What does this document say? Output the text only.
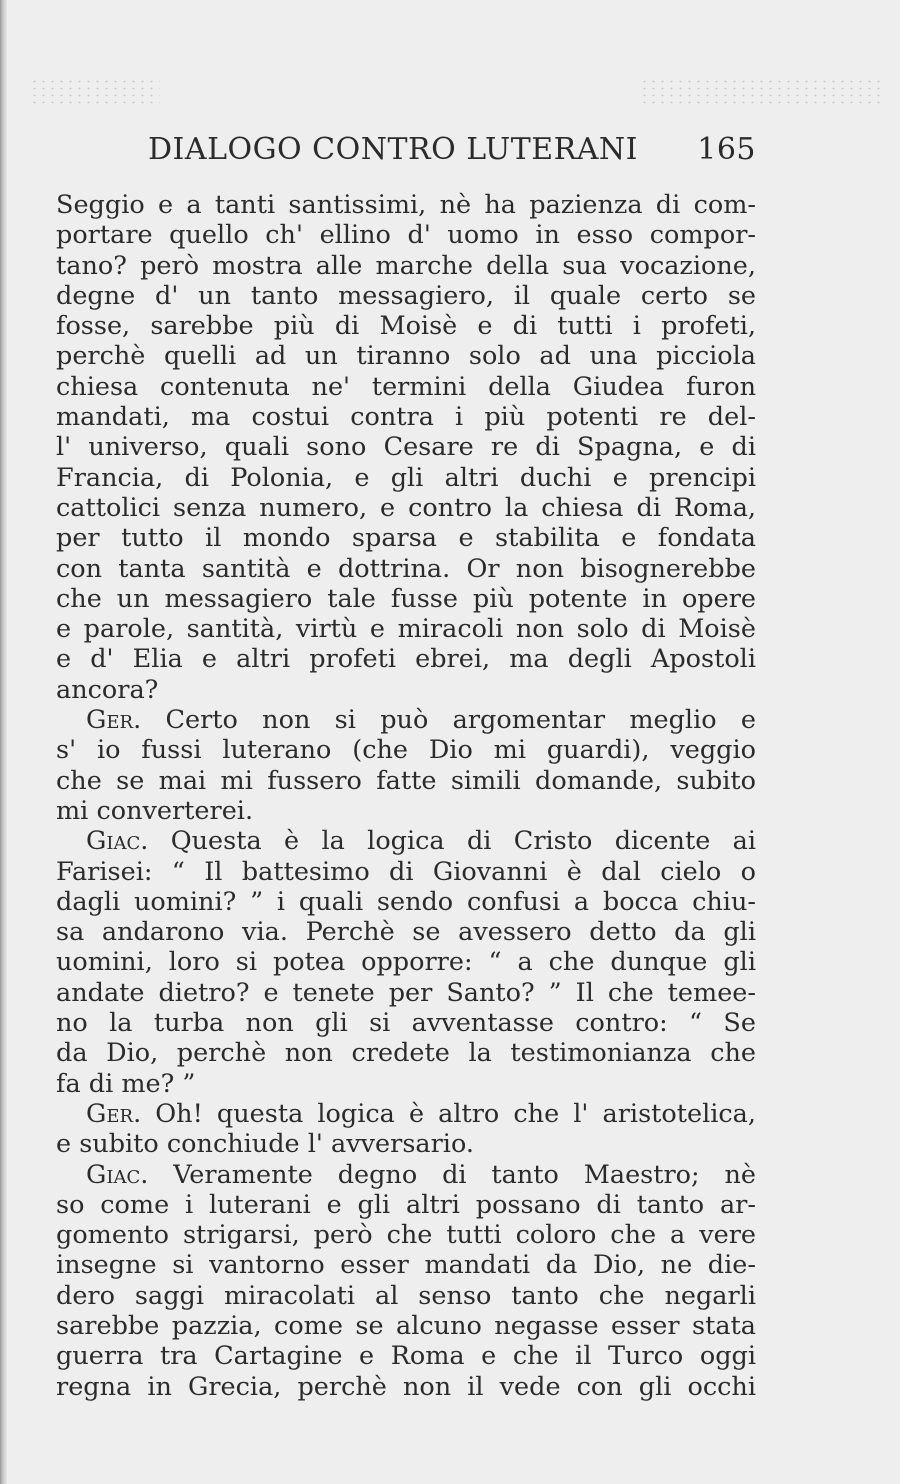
DIALOGO CONTRO LUTERANI 165
Seggio e a tanti santissimi, nè ha pazienza di com-
portare quello ch' ellino d' uomo in esso compor-
tano? però mostra alle marche della sua vocazione,
degne d' un tanto messagiero, il quale certo se
fosse, sarebbe più di Moisè e di tutti i profeti,
perchè quelli ad un tiranno solo ad una picciola
chiesa contenuta ne' termini della Giudea furon
mandati, ma costui contra i più potenti re del-
l' universo, quali sono Cesare re di Spagna, e di
Francia, di Polonia, e gli altri duchi e prencipi
cattolici senza numero, e contro la chiesa di Roma,
per tutto il mondo sparsa e stabilita e fondata
con tanta santità e dottrina. Or non bisognerebbe
che un messagiero tale fusse più potente in opere
e parole, santità, virtù e miracoli non solo di Moisè
e d' Elia e altri profeti ebrei, ma degli Apostoli
ancora?
Ger. Certo non si può argomentar meglio e
s' io fussi luterano (che Dio mi guardi), veggio
che se mai mi fussero fatte simili domande, subito
mi converterei.
Giac. Questa è la logica di Cristo dicente ai
Farisei: “ Il battesimo di Giovanni è dal cielo o
dagli uomini? ” i quali sendo confusi a bocca chiu-
sa andarono via. Perchè se avessero detto da gli
uomini, loro si potea opporre: “ a che dunque gli
andate dietro? e tenete per Santo? ” Il che temee-
no la turba non gli si avventasse contro: “ Se
da Dio, perchè non credete la testimonianza che
fa di me? ”
Ger. Oh! questa logica è altro che l' aristotelica,
e subito conchiude l' avversario.
Giac. Veramente degno di tanto Maestro; nè
so come i luterani e gli altri possano di tanto ar-
gomento strigarsi, però che tutti coloro che a vere
insegne si vantorno esser mandati da Dio, ne die-
dero saggi miracolati al senso tanto che negarli
sarebbe pazzia, come se alcuno negasse esser stata
guerra tra Cartagine e Roma e che il Turco oggi
regna in Grecia, perchè non il vede con gli occhi
